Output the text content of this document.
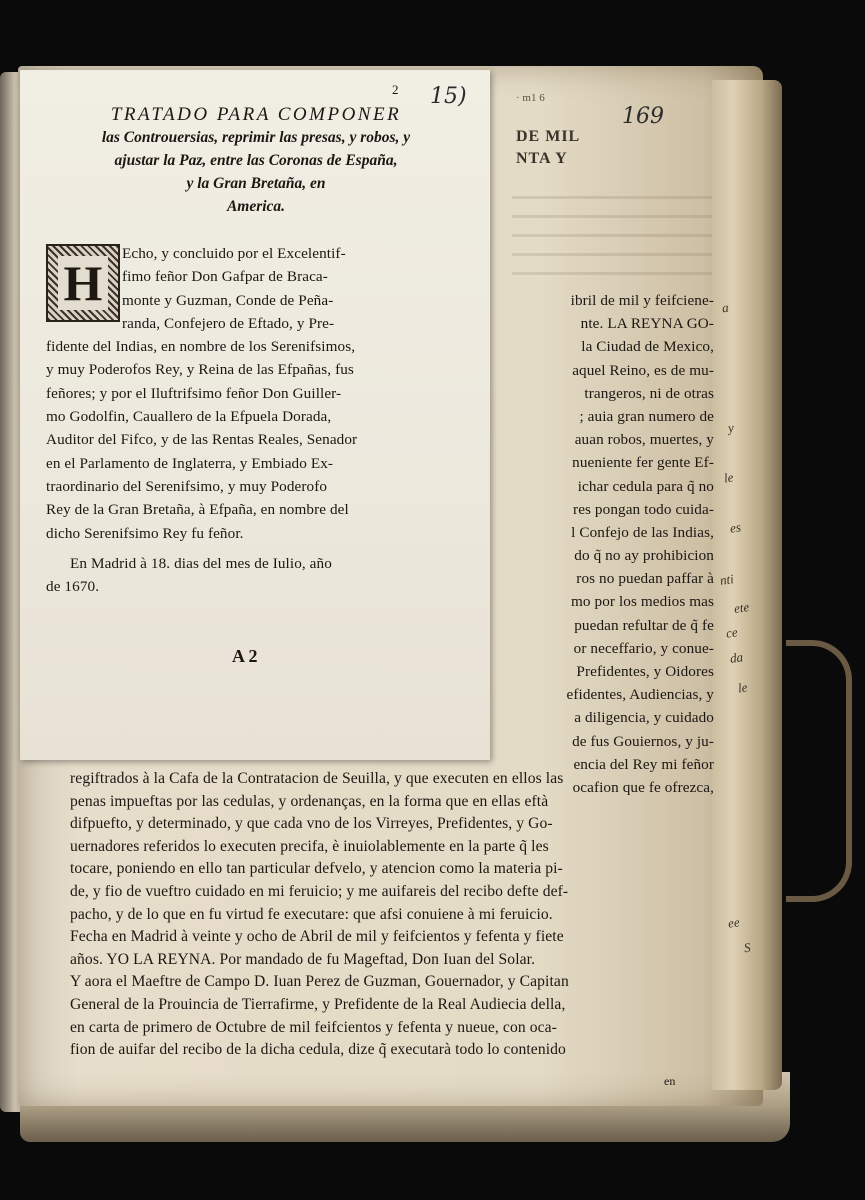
· m1 6
DE MIL
NTA Y
169
ibril de mil y feifciene-
nte. LA REYNA GO-
la Ciudad de Mexico,
aquel Reino, es de mu-
trangeros, ni de otras
; auia gran numero de
auan robos, muertes, y
nueniente fer gente Ef-
ichar cedula para q̃ no
res pongan todo cuida-
l Confejo de las Indias,
do q̃ no ay prohibicion
ros no puedan paffar à
mo por los medios mas
puedan refultar de q̃ fe
or neceffario, y conue-
Prefidentes, y Oidores
efidentes, Audiencias, y
a diligencia, y cuidado
de fus Gouiernos, y ju-
encia del Rey mi feñor
ocafion que fe ofrezca,
regiftrados à la Cafa de la Contratacion de Seuilla, y que executen en ellos las
penas impueftas por las cedulas, y ordenanças, en la forma que en ellas eftà
difpuefto, y determinado, y que cada vno de los Virreyes, Prefidentes, y Go-
uernadores referidos lo executen precifa, è inuiolablemente en la parte q̃ les
tocare, poniendo en ello tan particular defvelo, y atencion como la materia pi-
de, y fio de vueftro cuidado en mi feruicio; y me auifareis del recibo defte def-
pacho, y de lo que en fu virtud fe executare: que afsi conuiene à mi feruicio.
Fecha en Madrid à veinte y ocho de Abril de mil y feifcientos y fefenta y fiete
años. YO LA REYNA. Por mandado de fu Mageftad, Don Iuan del Solar.
Y aora el Maeftre de Campo D. Iuan Perez de Guzman, Gouernador, y Capitan
General de la Prouincia de Tierrafirme, y Prefidente de la Real Audiecia della,
en carta de primero de Octubre de mil feifcientos y fefenta y nueue, con oca-
fion de auifar del recibo de la dicha cedula, dize q̃ executarà todo lo contenido
en
a
y
le
es
nti
ete
ce
da
le
ee
S
2 15)
TRATADO PARA COMPONER
las Controuersias, reprimir las presas, y robos, y
ajustar la Paz, entre las Coronas de España,
y la Gran Bretaña, en
America.
Echo, y concluido por el Excelentif-
fimo feñor Don Gafpar de Braca-
monte y Guzman, Conde de Peña-
randa, Confejero de Eftado, y Pre-
fidente del Indias, en nombre de los Serenifsimos,
y muy Poderofos Rey, y Reina de las Efpañas, fus
feñores; y por el Iluftrifsimo feñor Don Guiller-
mo Godolfin, Cauallero de la Efpuela Dorada,
Auditor del Fifco, y de las Rentas Reales, Senador
en el Parlamento de Inglaterra, y Embiado Ex-
traordinario del Serenifsimo, y muy Poderofo
Rey de la Gran Bretaña, à Efpaña, en nombre del
dicho Serenifsimo Rey fu feñor.
H
En Madrid à 18. dias del mes de Iulio, año
de 1670.
A 2
